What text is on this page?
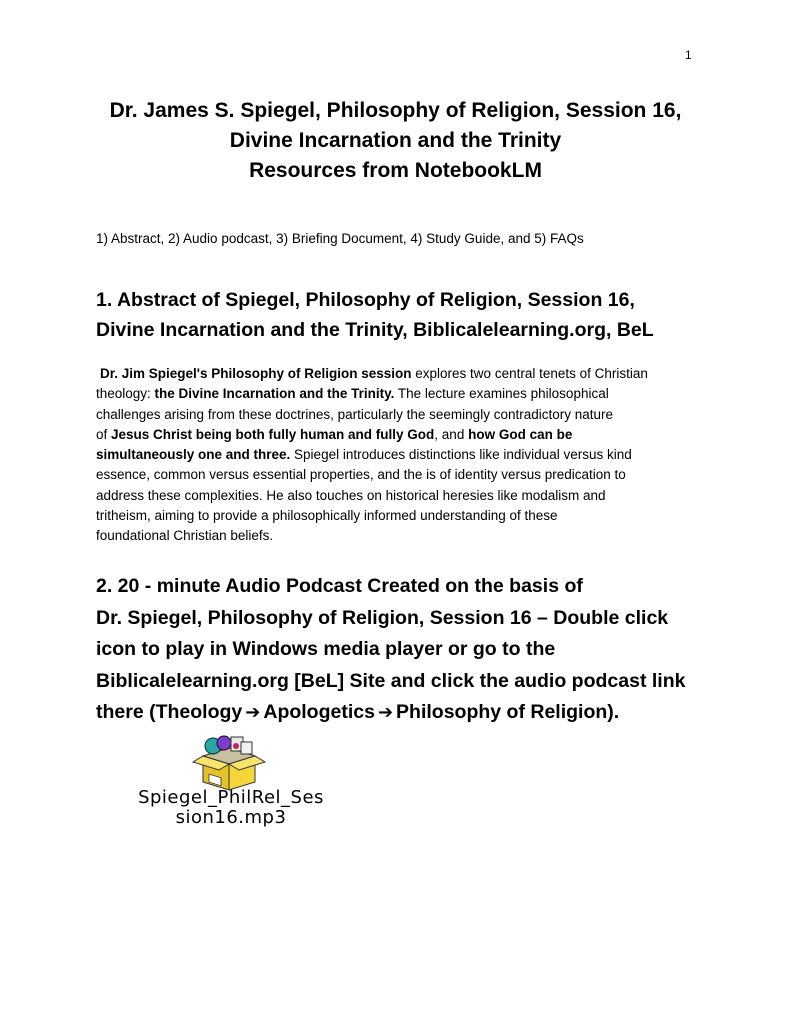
1
Dr. James S. Spiegel, Philosophy of Religion, Session 16,
Divine Incarnation and the Trinity
Resources from NotebookLM
1) Abstract, 2) Audio podcast, 3) Briefing Document, 4) Study Guide, and 5) FAQs
1. Abstract of Spiegel, Philosophy of Religion, Session 16,
Divine Incarnation and the Trinity, Biblicalelearning.org, BeL
Dr. Jim Spiegel's Philosophy of Religion session explores two central tenets of Christian
theology: the Divine Incarnation and the Trinity. The lecture examines philosophical
challenges arising from these doctrines, particularly the seemingly contradictory nature
of Jesus Christ being both fully human and fully God, and how God can be
simultaneously one and three. Spiegel introduces distinctions like individual versus kind
essence, common versus essential properties, and the is of identity versus predication to
address these complexities. He also touches on historical heresies like modalism and
tritheism, aiming to provide a philosophically informed understanding of these
foundational Christian beliefs.
2. 20 - minute Audio Podcast Created on the basis of
Dr. Spiegel, Philosophy of Religion, Session 16 – Double click
icon to play in Windows media player or go to the
Biblicalelearning.org [BeL] Site and click the audio podcast link
there (Theology ➔ Apologetics ➔ Philosophy of Religion).
Spiegel_PhilRel_Ses
sion16.mp3
